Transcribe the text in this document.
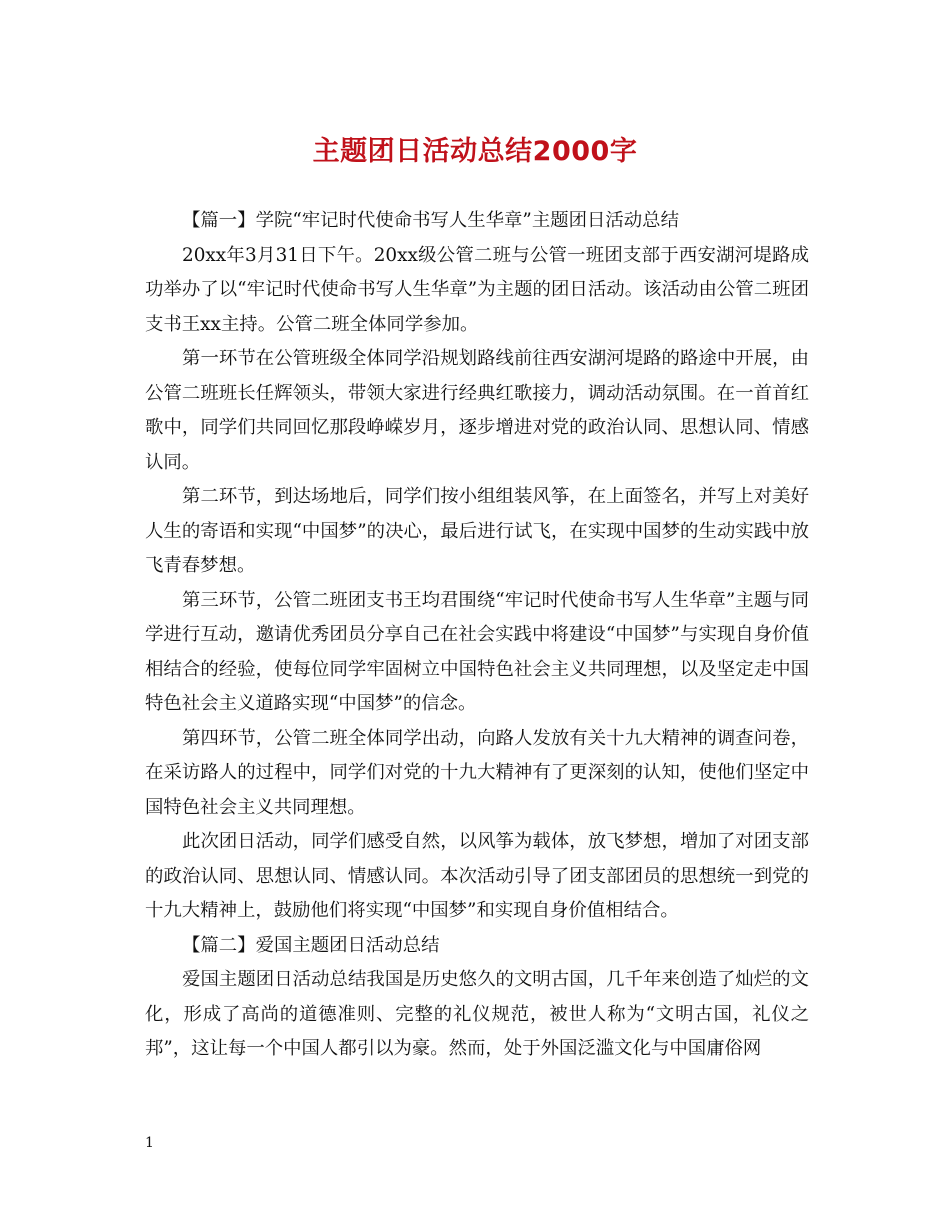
主题团日活动总结2000字

【篇一】学院“牢记时代使命书写人生华章”主题团日活动总结

20xx年3月31日下午。20xx级公管二班与公管一班团支部于西安湖河堤路成功举办了以“牢记时代使命书写人生华章”为主题的团日活动。该活动由公管二班团支书王xx主持。公管二班全体同学参加。

第一环节在公管班级全体同学沿规划路线前往西安湖河堤路的路途中开展，由公管二班班长任辉领头，带领大家进行经典红歌接力，调动活动氛围。在一首首红歌中，同学们共同回忆那段峥嵘岁月，逐步增进对党的政治认同、思想认同、情感认同。

第二环节，到达场地后，同学们按小组组装风筝，在上面签名，并写上对美好人生的寄语和实现“中国梦”的决心，最后进行试飞，在实现中国梦的生动实践中放飞青春梦想。

第三环节，公管二班团支书王均君围绕“牢记时代使命书写人生华章”主题与同学进行互动，邀请优秀团员分享自己在社会实践中将建设“中国梦”与实现自身价值相结合的经验，使每位同学牢固树立中国特色社会主义共同理想，以及坚定走中国特色社会主义道路实现“中国梦”的信念。

第四环节，公管二班全体同学出动，向路人发放有关十九大精神的调查问卷，在采访路人的过程中，同学们对党的十九大精神有了更深刻的认知，使他们坚定中国特色社会主义共同理想。

此次团日活动，同学们感受自然，以风筝为载体，放飞梦想，增加了对团支部的政治认同、思想认同、情感认同。本次活动引导了团支部团员的思想统一到党的十九大精神上，鼓励他们将实现“中国梦”和实现自身价值相结合。

【篇二】爱国主题团日活动总结

爱国主题团日活动总结我国是历史悠久的文明古国，几千年来创造了灿烂的文化，形成了高尚的道德准则、完整的礼仪规范，被世人称为“文明古国，礼仪之邦”，这让每一个中国人都引以为豪。然而，处于外国泛滥文化与中国庸俗网

1
